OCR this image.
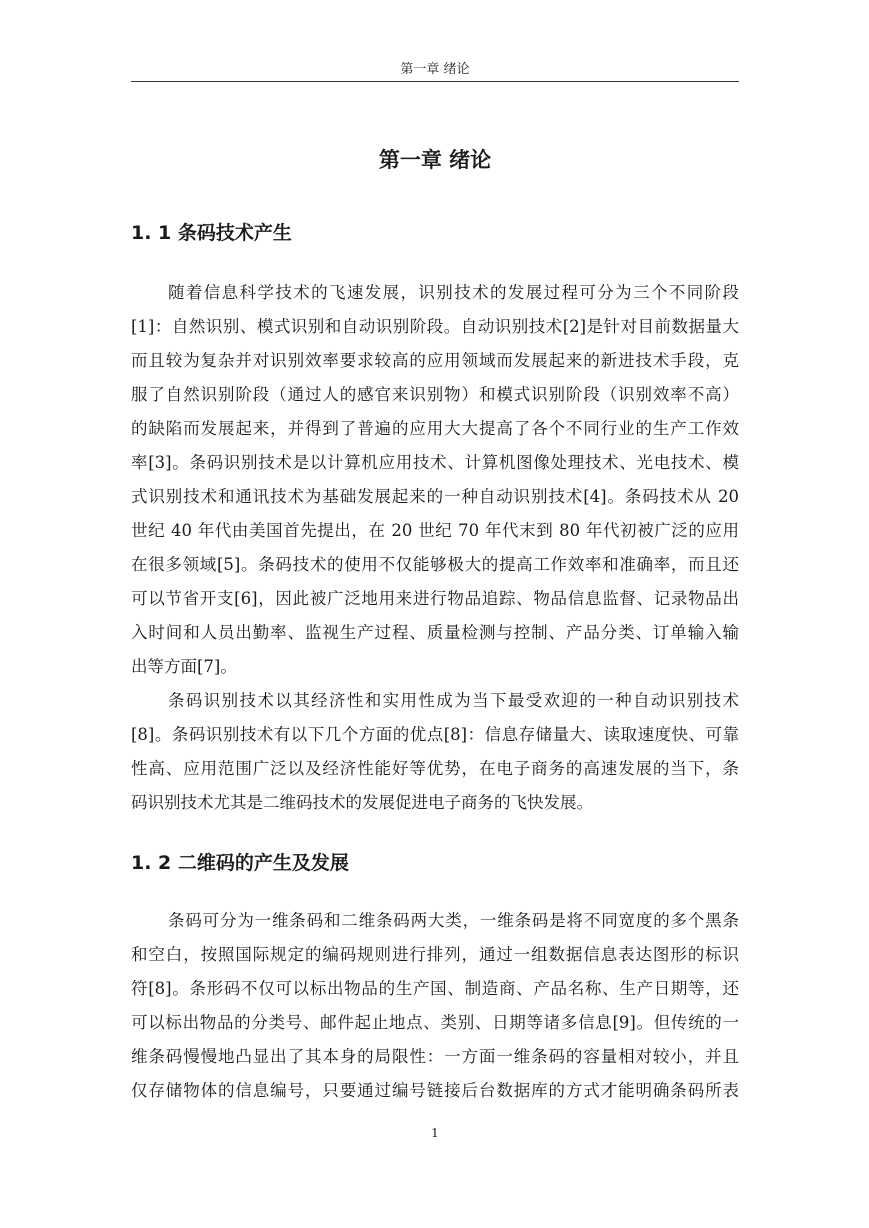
第一章 绪论
第一章 绪论
1. 1 条码技术产生
随着信息科学技术的飞速发展，识别技术的发展过程可分为三个不同阶段
[1]：自然识别、模式识别和自动识别阶段。自动识别技术[2]是针对目前数据量大
而且较为复杂并对识别效率要求较高的应用领域而发展起来的新进技术手段，克
服了自然识别阶段（通过人的感官来识别物）和模式识别阶段（识别效率不高）
的缺陷而发展起来，并得到了普遍的应用大大提高了各个不同行业的生产工作效
率[3]。条码识别技术是以计算机应用技术、计算机图像处理技术、光电技术、模
式识别技术和通讯技术为基础发展起来的一种自动识别技术[4]。条码技术从 20
世纪 40 年代由美国首先提出，在 20 世纪 70 年代末到 80 年代初被广泛的应用
在很多领域[5]。条码技术的使用不仅能够极大的提高工作效率和准确率，而且还
可以节省开支[6]，因此被广泛地用来进行物品追踪、物品信息监督、记录物品出
入时间和人员出勤率、监视生产过程、质量检测与控制、产品分类、订单输入输
出等方面[7]。
条码识别技术以其经济性和实用性成为当下最受欢迎的一种自动识别技术
[8]。条码识别技术有以下几个方面的优点[8]：信息存储量大、读取速度快、可靠
性高、应用范围广泛以及经济性能好等优势，在电子商务的高速发展的当下，条
码识别技术尤其是二维码技术的发展促进电子商务的飞快发展。
1. 2 二维码的产生及发展
条码可分为一维条码和二维条码两大类，一维条码是将不同宽度的多个黑条
和空白，按照国际规定的编码规则进行排列，通过一组数据信息表达图形的标识
符[8]。条形码不仅可以标出物品的生产国、制造商、产品名称、生产日期等，还
可以标出物品的分类号、邮件起止地点、类别、日期等诸多信息[9]。但传统的一
维条码慢慢地凸显出了其本身的局限性：一方面一维条码的容量相对较小，并且
仅存储物体的信息编号，只要通过编号链接后台数据库的方式才能明确条码所表
1
